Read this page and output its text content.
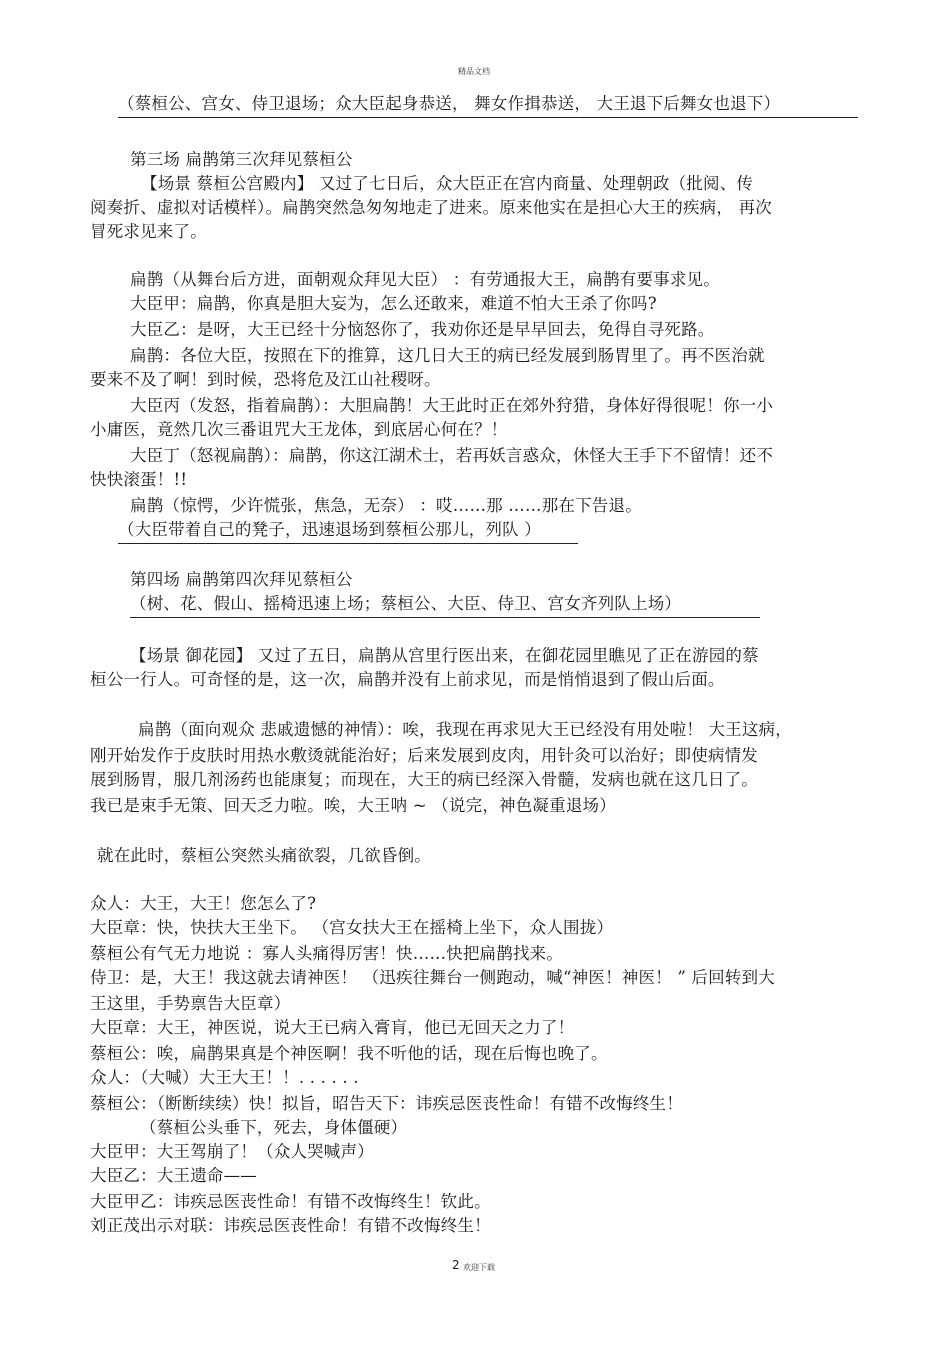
精品文档
（蔡桓公、宫女、侍卫退场；众大臣起身恭送， 舞女作揖恭送， 大王退下后舞女也退下）
第三场 扁鹊第三次拜见蔡桓公
【场景 蔡桓公宫殿内】 又过了七日后，众大臣正在宫内商量、处理朝政（批阅、传
阅奏折、虚拟对话模样）。扁鹊突然急匆匆地走了进来。原来他实在是担心大王的疾病， 再次
冒死求见来了。
扁鹊（从舞台后方进，面朝观众拜见大臣） ：有劳通报大王，扁鹊有要事求见。
大臣甲：扁鹊，你真是胆大妄为，怎么还敢来，难道不怕大王杀了你吗?
大臣乙：是呀，大王已经十分恼怒你了，我劝你还是早早回去，免得自寻死路。
扁鹊：各位大臣，按照在下的推算，这几日大王的病已经发展到肠胃里了。再不医治就
要来不及了啊！到时候，恐将危及江山社稷呀。
大臣丙（发怒，指着扁鹊）：大胆扁鹊！大王此时正在郊外狩猎，身体好得很呢！你一小
小庸医，竟然几次三番诅咒大王龙体，到底居心何在？！
大臣丁（怒视扁鹊）：扁鹊，你这江湖术士，若再妖言惑众，休怪大王手下不留情！还不
快快滚蛋！!!
扁鹊（惊愕，少许慌张，焦急，无奈） ：哎……那 ……那在下告退。
（大臣带着自己的凳子，迅速退场到蔡桓公那儿，列队 ）
第四场 扁鹊第四次拜见蔡桓公
（树、花、假山、摇椅迅速上场；蔡桓公、大臣、侍卫、宫女齐列队上场）
【场景 御花园】 又过了五日，扁鹊从宫里行医出来，在御花园里瞧见了正在游园的蔡
桓公一行人。可奇怪的是，这一次，扁鹊并没有上前求见，而是悄悄退到了假山后面。
扁鹊（面向观众 悲戚遗憾的神情）：唉，我现在再求见大王已经没有用处啦！ 大王这病，
刚开始发作于皮肤时用热水敷烫就能治好；后来发展到皮肉，用针灸可以治好；即使病情发
展到肠胃，服几剂汤药也能康复；而现在，大王的病已经深入骨髓，发病也就在这几日了。
我已是束手无策、回天乏力啦。唉，大王呐 ~ （说完，神色凝重退场）
就在此时，蔡桓公突然头痛欲裂，几欲昏倒。
众人：大王，大王！您怎么了?
大臣章：快，快扶大王坐下。 （宫女扶大王在摇椅上坐下，众人围拢）
蔡桓公有气无力地说 ：寡人头痛得厉害！快……快把扁鹊找来。
侍卫：是，大王！我这就去请神医！ （迅疾往舞台一侧跑动，喊“神医！神医！ ” 后回转到大
王这里，手势禀告大臣章）
大臣章：大王，神医说，说大王已病入膏肓，他已无回天之力了！
蔡桓公：唉，扁鹊果真是个神医啊！我不听他的话，现在后悔也晚了。
众人：（大喊）大王大王！！. . . . . .
蔡桓公：（断断续续）快！拟旨，昭告天下：讳疾忌医丧性命！有错不改悔终生！
（蔡桓公头垂下，死去，身体僵硬）
大臣甲：大王驾崩了！（众人哭喊声）
大臣乙：大王遗命——
大臣甲乙：讳疾忌医丧性命！有错不改悔终生！钦此。
刘正茂出示对联：讳疾忌医丧性命！有错不改悔终生！
2 欢迎下载
